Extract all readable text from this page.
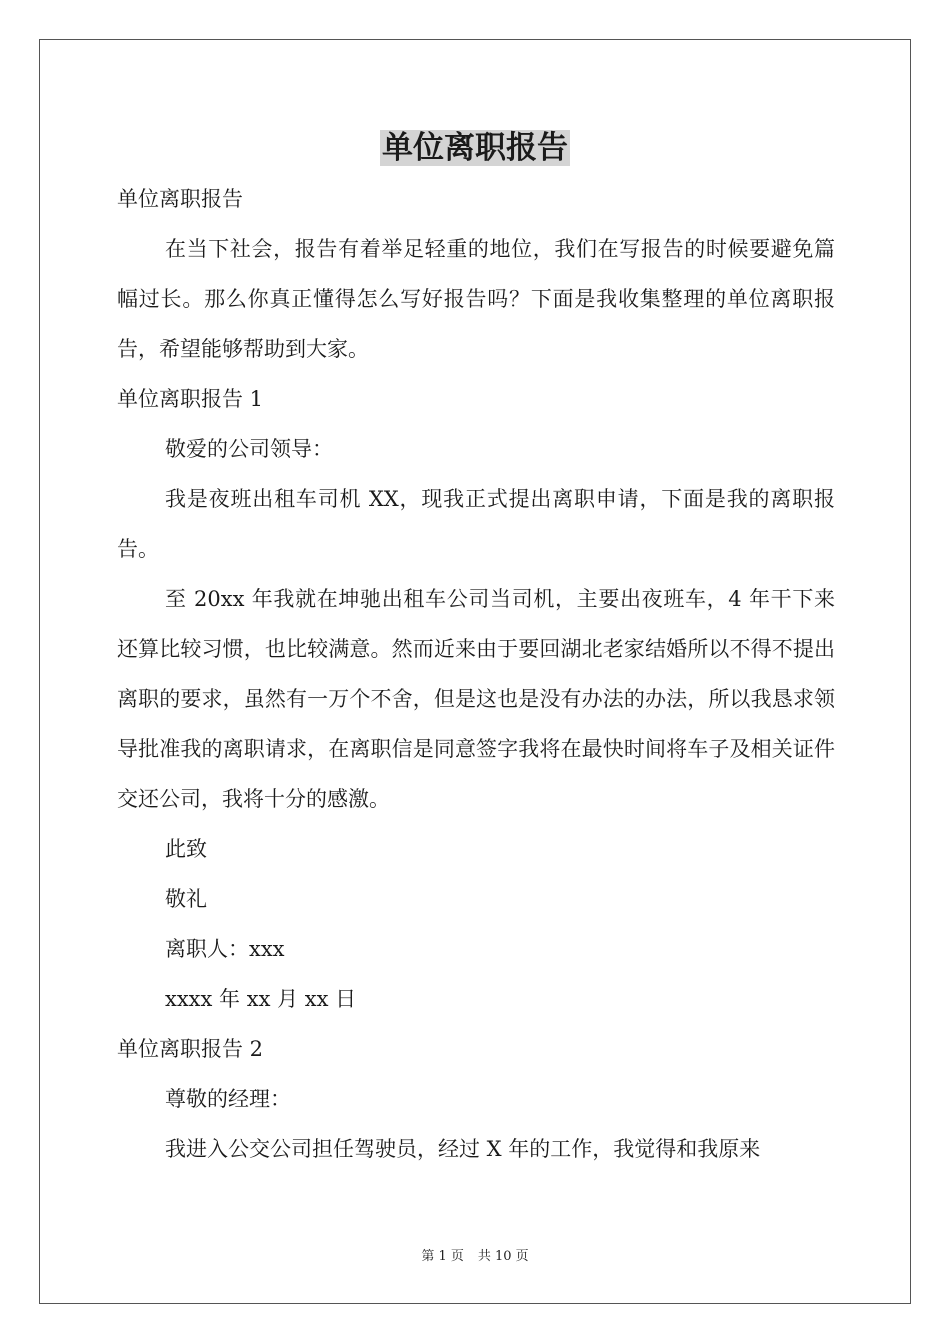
单位离职报告

单位离职报告

在当下社会，报告有着举足轻重的地位，我们在写报告的时候要避免篇幅过长。那么你真正懂得怎么写好报告吗？下面是我收集整理的单位离职报告，希望能够帮助到大家。

单位离职报告 1

敬爱的公司领导：

我是夜班出租车司机 XX，现我正式提出离职申请，下面是我的离职报告。

至 20xx 年我就在坤驰出租车公司当司机，主要出夜班车，4 年干下来还算比较习惯，也比较满意。然而近来由于要回湖北老家结婚所以不得不提出离职的要求，虽然有一万个不舍，但是这也是没有办法的办法，所以我恳求领导批准我的离职请求，在离职信是同意签字我将在最快时间将车子及相关证件交还公司，我将十分的感激。

此致

敬礼

离职人：xxx

xxxx 年 xx 月 xx 日

单位离职报告 2

尊敬的经理：

我进入公交公司担任驾驶员，经过 X 年的工作，我觉得和我原来

第 1 页 共 10 页
